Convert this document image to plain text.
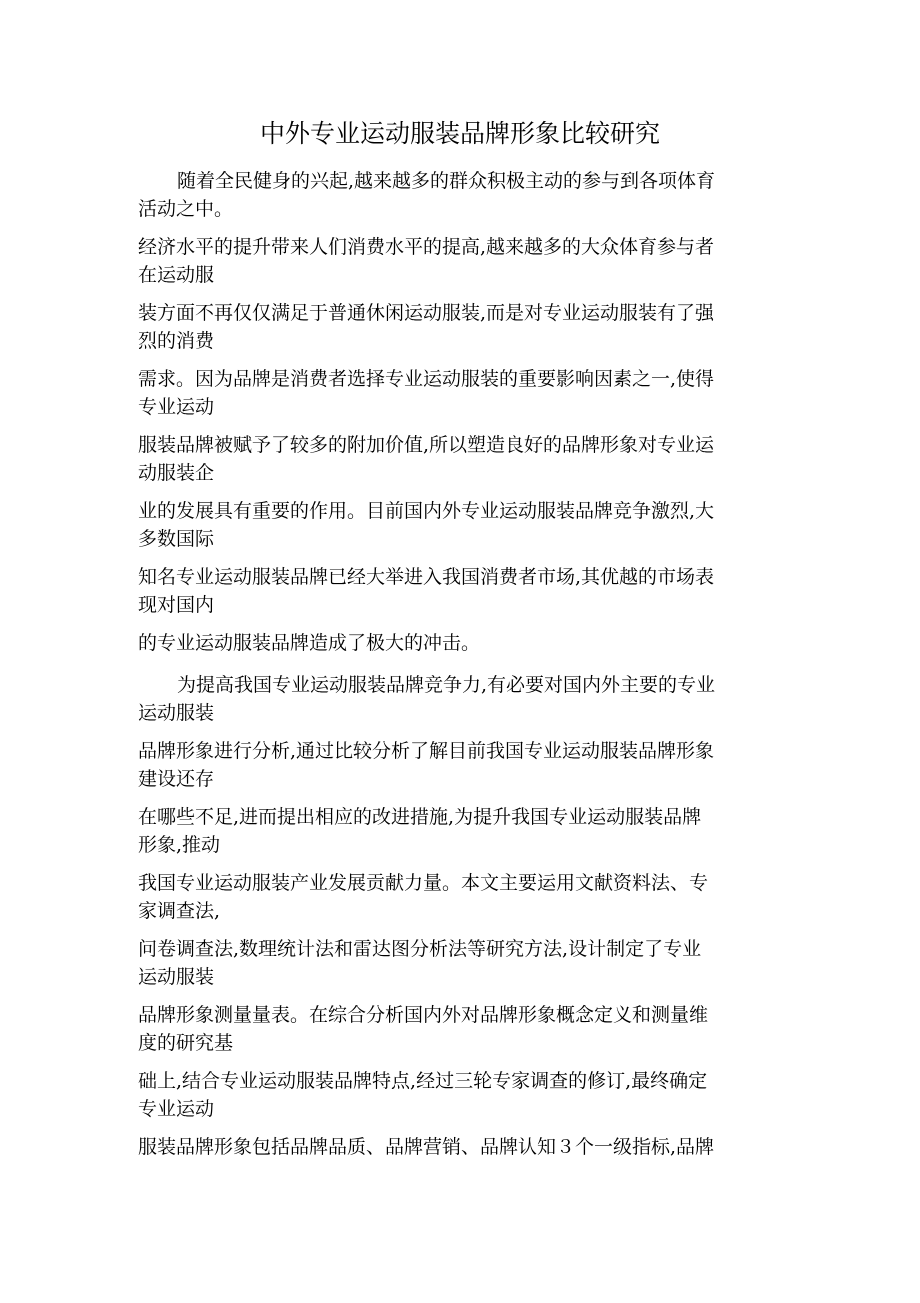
中外专业运动服装品牌形象比较研究
随着全民健身的兴起,越来越多的群众积极主动的参与到各项体育
活动之中。
经济水平的提升带来人们消费水平的提高,越来越多的大众体育参与者
在运动服
装方面不再仅仅满足于普通休闲运动服装,而是对专业运动服装有了强
烈的消费
需求。因为品牌是消费者选择专业运动服装的重要影响因素之一,使得
专业运动
服装品牌被赋予了较多的附加价值,所以塑造良好的品牌形象对专业运
动服装企
业的发展具有重要的作用。目前国内外专业运动服装品牌竞争激烈,大
多数国际
知名专业运动服装品牌已经大举进入我国消费者市场,其优越的市场表
现对国内
的专业运动服装品牌造成了极大的冲击。
为提高我国专业运动服装品牌竞争力,有必要对国内外主要的专业
运动服装
品牌形象进行分析,通过比较分析了解目前我国专业运动服装品牌形象
建设还存
在哪些不足,进而提出相应的改进措施,为提升我国专业运动服装品牌
形象,推动
我国专业运动服装产业发展贡献力量。本文主要运用文献资料法、专
家调查法,
问卷调查法,数理统计法和雷达图分析法等研究方法,设计制定了专业
运动服装
品牌形象测量量表。在综合分析国内外对品牌形象概念定义和测量维
度的研究基
础上,结合专业运动服装品牌特点,经过三轮专家调查的修订,最终确定
专业运动
服装品牌形象包括品牌品质、品牌营销、品牌认知３个一级指标,品牌
